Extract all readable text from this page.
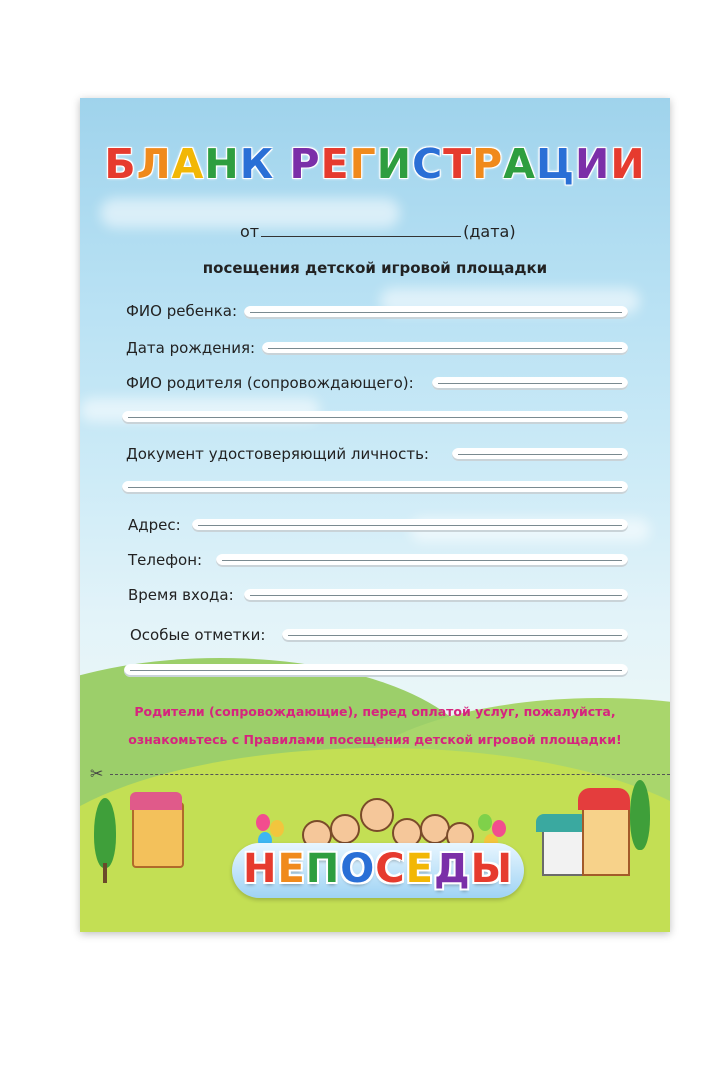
БЛАНК РЕГИСТРАЦИИ
от	(дата)
посещения детской игровой площадки
ФИО ребенка:
Дата рождения:
ФИО родителя (сопровождающего):
Документ удостоверяющий личность:
Адрес:
Телефон:
Время входа:
Особые отметки:
Родители (сопровождающие), перед оплатой услуг, пожалуйста,
ознакомьтесь с Правилами посещения детской игровой площадки!
✂
НЕПОСЕДЫ
